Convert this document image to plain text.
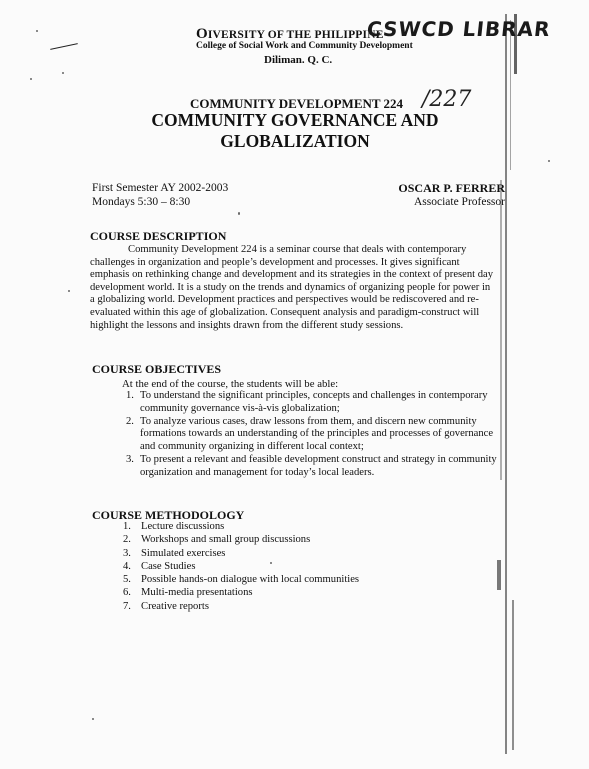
OIVERSITY OF THE PHILIPPINE
CSWCD LIBRAR
College of Social Work and Community Development
Diliman. Q. C.
COMMUNITY DEVELOPMENT 224 /227
COMMUNITY GOVERNANCE AND
GLOBALIZATION
First Semester AY 2002-2003
Mondays 5:30 – 8:30
OSCAR P. FERRER
Associate Professor
COURSE DESCRIPTION
Community Development 224 is a seminar course that deals with contemporary challenges in organization and people’s development and processes. It gives significant emphasis on rethinking change and development and its strategies in the context of present day development world. It is a study on the trends and dynamics of organizing people for power in a globalizing world. Development practices and perspectives would be rediscovered and re-evaluated within this age of globalization. Consequent analysis and paradigm-construct will highlight the lessons and insights drawn from the different study sessions.
COURSE OBJECTIVES
At the end of the course, the students will be able:
1. To understand the significant principles, concepts and challenges in contemporary community governance vis-à-vis globalization;
2. To analyze various cases, draw lessons from them, and discern new community formations towards an understanding of the principles and processes of governance and community organizing in different local context;
3. To present a relevant and feasible development construct and strategy in community organization and management for today’s local leaders.
COURSE METHODOLOGY
1. Lecture discussions
2. Workshops and small group discussions
3. Simulated exercises
4. Case Studies
5. Possible hands-on dialogue with local communities
6. Multi-media presentations
7. Creative reports
